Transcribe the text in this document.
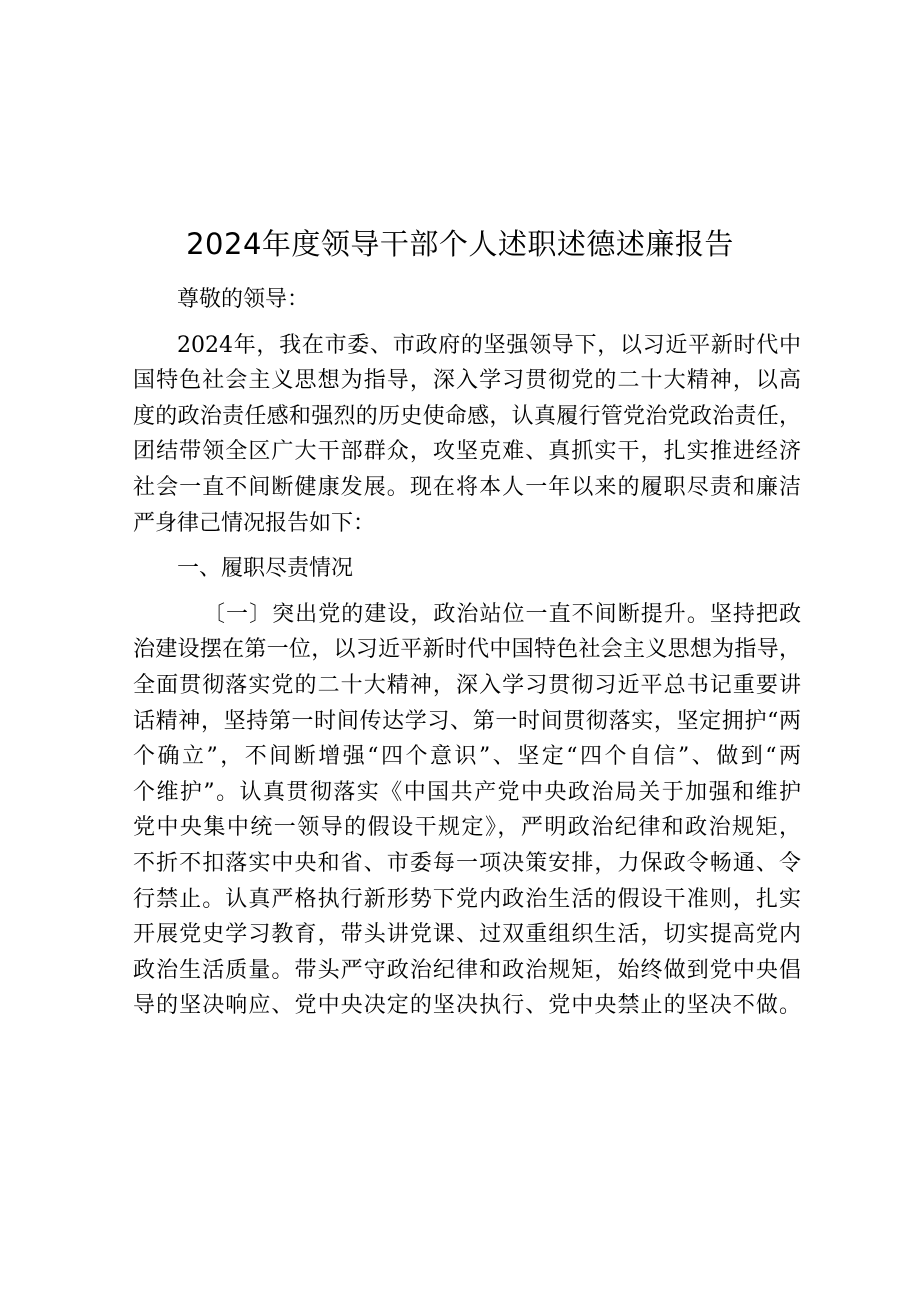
2024年度领导干部个人述职述德述廉报告
尊敬的领导：
2024年，我在市委、市政府的坚强领导下，以习近平新时代中
国特色社会主义思想为指导，深入学习贯彻党的二十大精神，以高
度的政治责任感和强烈的历史使命感，认真履行管党治党政治责任，
团结带领全区广大干部群众，攻坚克难、真抓实干，扎实推进经济
社会一直不间断健康发展。现在将本人一年以来的履职尽责和廉洁
严身律己情况报告如下：
一、履职尽责情况
〔一〕突出党的建设，政治站位一直不间断提升。坚持把政
治建设摆在第一位，以习近平新时代中国特色社会主义思想为指导，
全面贯彻落实党的二十大精神，深入学习贯彻习近平总书记重要讲
话精神，坚持第一时间传达学习、第一时间贯彻落实，坚定拥护“两
个确立”，不间断增强“四个意识”、坚定“四个自信”、做到“两
个维护”。认真贯彻落实《中国共产党中央政治局关于加强和维护
党中央集中统一领导的假设干规定》，严明政治纪律和政治规矩，
不折不扣落实中央和省、市委每一项决策安排，力保政令畅通、令
行禁止。认真严格执行新形势下党内政治生活的假设干准则，扎实
开展党史学习教育，带头讲党课、过双重组织生活，切实提高党内
政治生活质量。带头严守政治纪律和政治规矩，始终做到党中央倡
导的坚决响应、党中央决定的坚决执行、党中央禁止的坚决不做。
